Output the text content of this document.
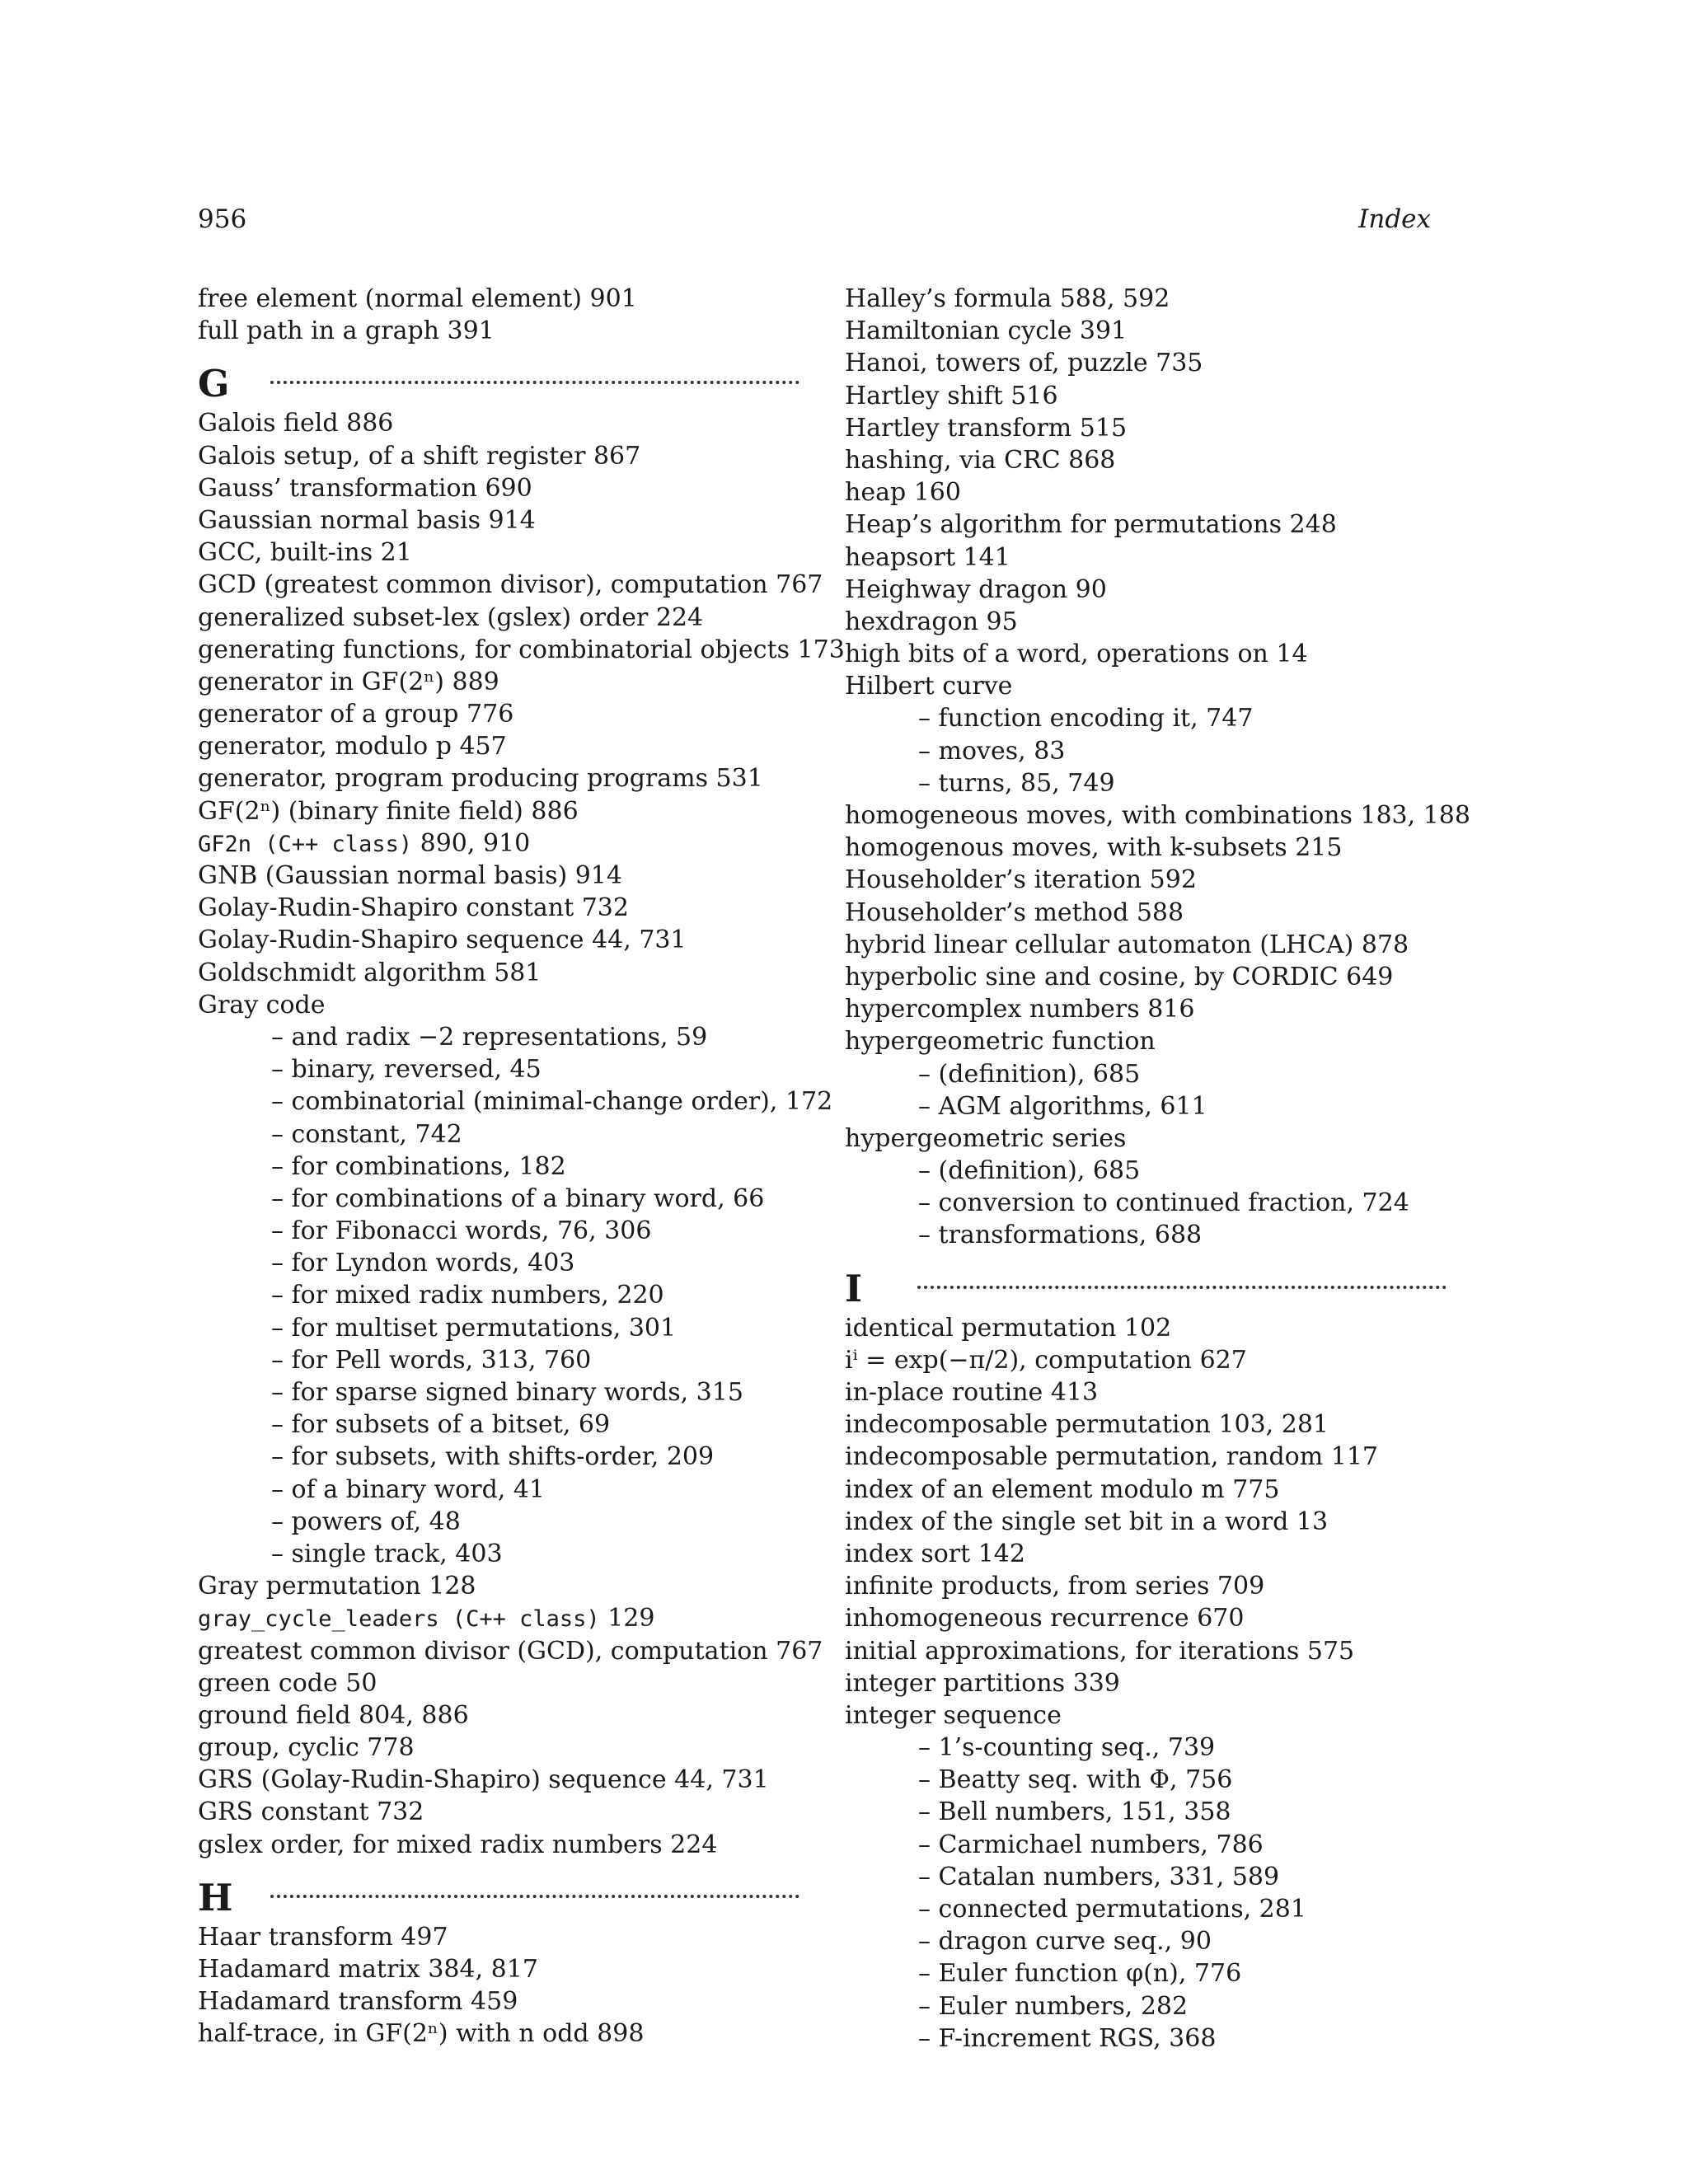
956	Index
free element (normal element) 901
full path in a graph 391
G
Galois field 886
Galois setup, of a shift register 867
Gauss’ transformation 690
Gaussian normal basis 914
GCC, built-ins 21
GCD (greatest common divisor), computation 767
generalized subset-lex (gslex) order 224
generating functions, for combinatorial objects 173
generator in GF(2ⁿ) 889
generator of a group 776
generator, modulo p 457
generator, program producing programs 531
GF(2ⁿ) (binary finite field) 886
GF2n (C++ class) 890, 910
GNB (Gaussian normal basis) 914
Golay-Rudin-Shapiro constant 732
Golay-Rudin-Shapiro sequence 44, 731
Goldschmidt algorithm 581
Gray code
– and radix −2 representations, 59
– binary, reversed, 45
– combinatorial (minimal-change order), 172
– constant, 742
– for combinations, 182
– for combinations of a binary word, 66
– for Fibonacci words, 76, 306
– for Lyndon words, 403
– for mixed radix numbers, 220
– for multiset permutations, 301
– for Pell words, 313, 760
– for sparse signed binary words, 315
– for subsets of a bitset, 69
– for subsets, with shifts-order, 209
– of a binary word, 41
– powers of, 48
– single track, 403
Gray permutation 128
gray_cycle_leaders (C++ class) 129
greatest common divisor (GCD), computation 767
green code 50
ground field 804, 886
group, cyclic 778
GRS (Golay-Rudin-Shapiro) sequence 44, 731
GRS constant 732
gslex order, for mixed radix numbers 224
H
Haar transform 497
Hadamard matrix 384, 817
Hadamard transform 459
half-trace, in GF(2ⁿ) with n odd 898
Halley’s formula 588, 592
Hamiltonian cycle 391
Hanoi, towers of, puzzle 735
Hartley shift 516
Hartley transform 515
hashing, via CRC 868
heap 160
Heap’s algorithm for permutations 248
heapsort 141
Heighway dragon 90
hexdragon 95
high bits of a word, operations on 14
Hilbert curve
– function encoding it, 747
– moves, 83
– turns, 85, 749
homogeneous moves, with combinations 183, 188
homogenous moves, with k-subsets 215
Householder’s iteration 592
Householder’s method 588
hybrid linear cellular automaton (LHCA) 878
hyperbolic sine and cosine, by CORDIC 649
hypercomplex numbers 816
hypergeometric function
– (definition), 685
– AGM algorithms, 611
hypergeometric series
– (definition), 685
– conversion to continued fraction, 724
– transformations, 688
I
identical permutation 102
iⁱ = exp(−π/2), computation 627
in-place routine 413
indecomposable permutation 103, 281
indecomposable permutation, random 117
index of an element modulo m 775
index of the single set bit in a word 13
index sort 142
infinite products, from series 709
inhomogeneous recurrence 670
initial approximations, for iterations 575
integer partitions 339
integer sequence
– 1’s-counting seq., 739
– Beatty seq. with Φ, 756
– Bell numbers, 151, 358
– Carmichael numbers, 786
– Catalan numbers, 331, 589
– connected permutations, 281
– dragon curve seq., 90
– Euler function φ(n), 776
– Euler numbers, 282
– F-increment RGS, 368
